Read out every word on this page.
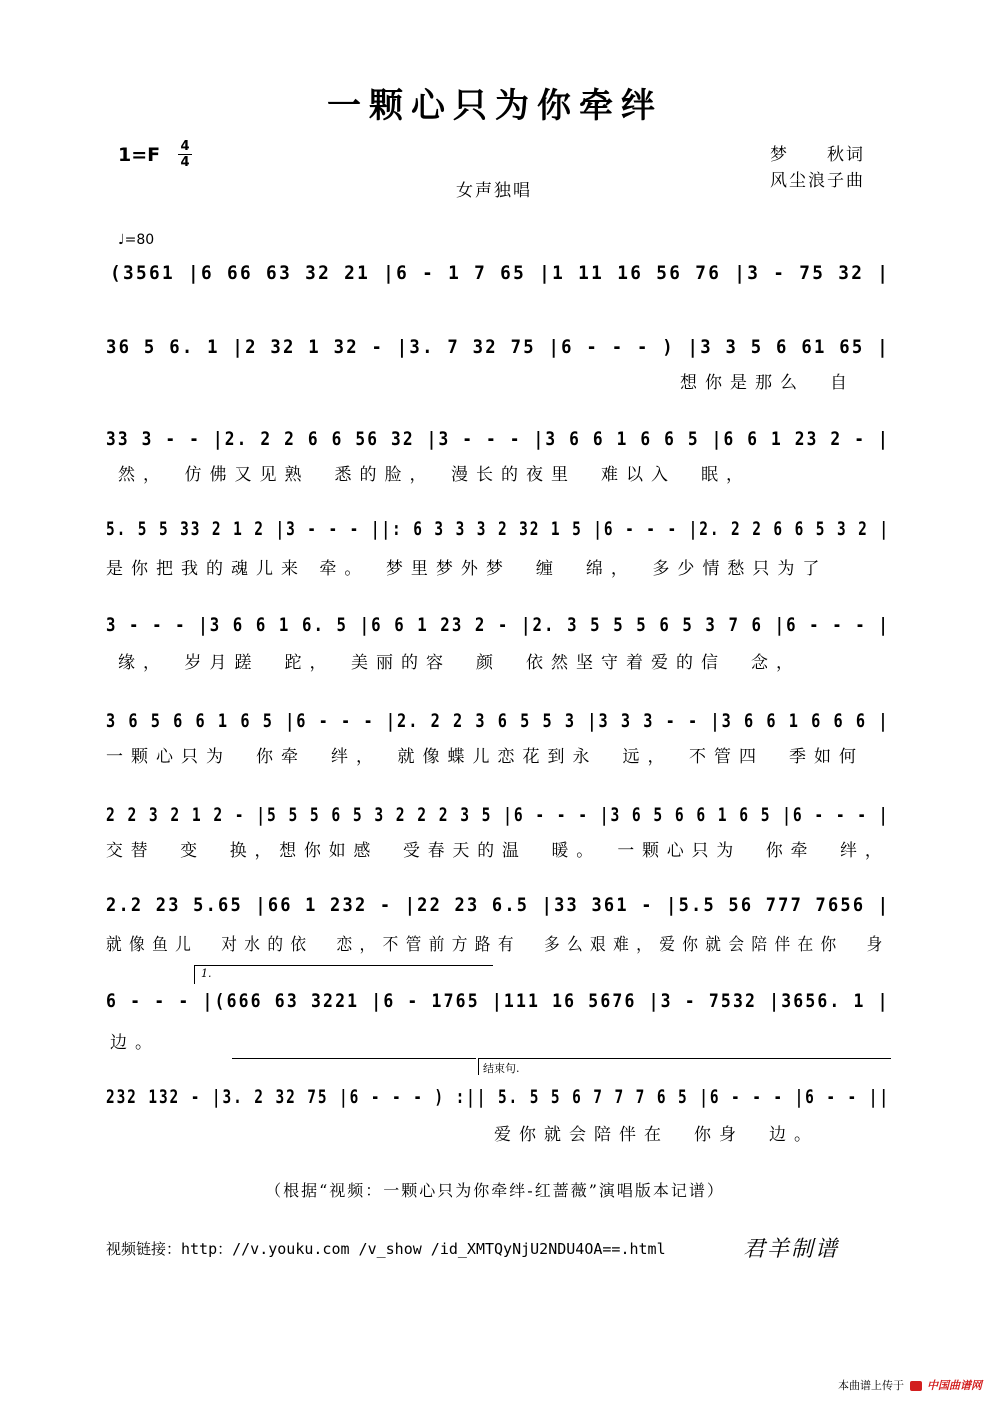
一颗心只为你牵绊
1=F 4
4	梦　　秋词
风尘浪子曲
女声独唱
♩=80
(3561 |6 66 63 32 21 |6 - 1 7 65 |1 11 16 56 76 |3 - 75 32 |
36 5 6. 1 |2 32 1 32 - |3. 7 32 75 |6 - - - ) |3 3 5 6 61 65 |
想你是那么　自
33 3 - - |2. 2 2 6 6 56 32 |3 - - - |3 6 6 1 6 6 5 |6 6 1 23 2 - |
然，　仿佛又见熟　悉的脸，　漫长的夜里　难以入　眠，
5. 5 5 33 2 1 2 |3 - - - ||: 6 3 3 3 2 32 1 5 |6 - - - |2. 2 2 6 6 5 3 2 |
是你把我的魂儿来 牵。　梦里梦外梦　缠　绵，　多少情愁只为了
3 - - - |3 6 6 1 6. 5 |6 6 1 23 2 - |2. 3 5 5 5 6 5 3 7 6 |6 - - - |
缘，　岁月蹉　跎，　美丽的容　颜　依然坚守着爱的信　念，
3 6 5 6 6 1 6 5 |6 - - - |2. 2 2 3 6 5 5 3 |3 3 3 - - |3 6 6 1 6 6 6 |
一颗心只为　你牵　绊，　就像蝶儿恋花到永　远，　不管四　季如何
2 2 3 2 1 2 - |5 5 5 6 5 3 2 2 2 3 5 |6 - - - |3 6 5 6 6 1 6 5 |6 - - - |
交替　变　换，想你如感　受春天的温　暖。　一颗心只为　你牵　绊，
2.2 23 5.65 |66 1 232 - |22 23 6.5 |33 361 - |5.5 56 777 7656 |
就像鱼儿　对水的依　恋，不管前方路有　多么艰难，爱你就会陪伴在你　身
1.
6 - - - |(666 63 3221 |6 - 1765 |111 16 5676 |3 - 7532 |3656. 1 |
边。
结束句.
232 132 - |3. 2 32 75 |6 - - - ) :|| 5. 5 5 6 7 7 7 6 5 |6 - - - |6 - - ||
爱你就会陪伴在　你身　边。
（根据“视频：一颗心只为你牵绊-红蔷薇”演唱版本记谱）
视频链接：http：//v.youku.com /v_show /id_XMTQyNjU2NDU4OA==.html	君羊制谱
本曲谱上传于 中国曲谱网
